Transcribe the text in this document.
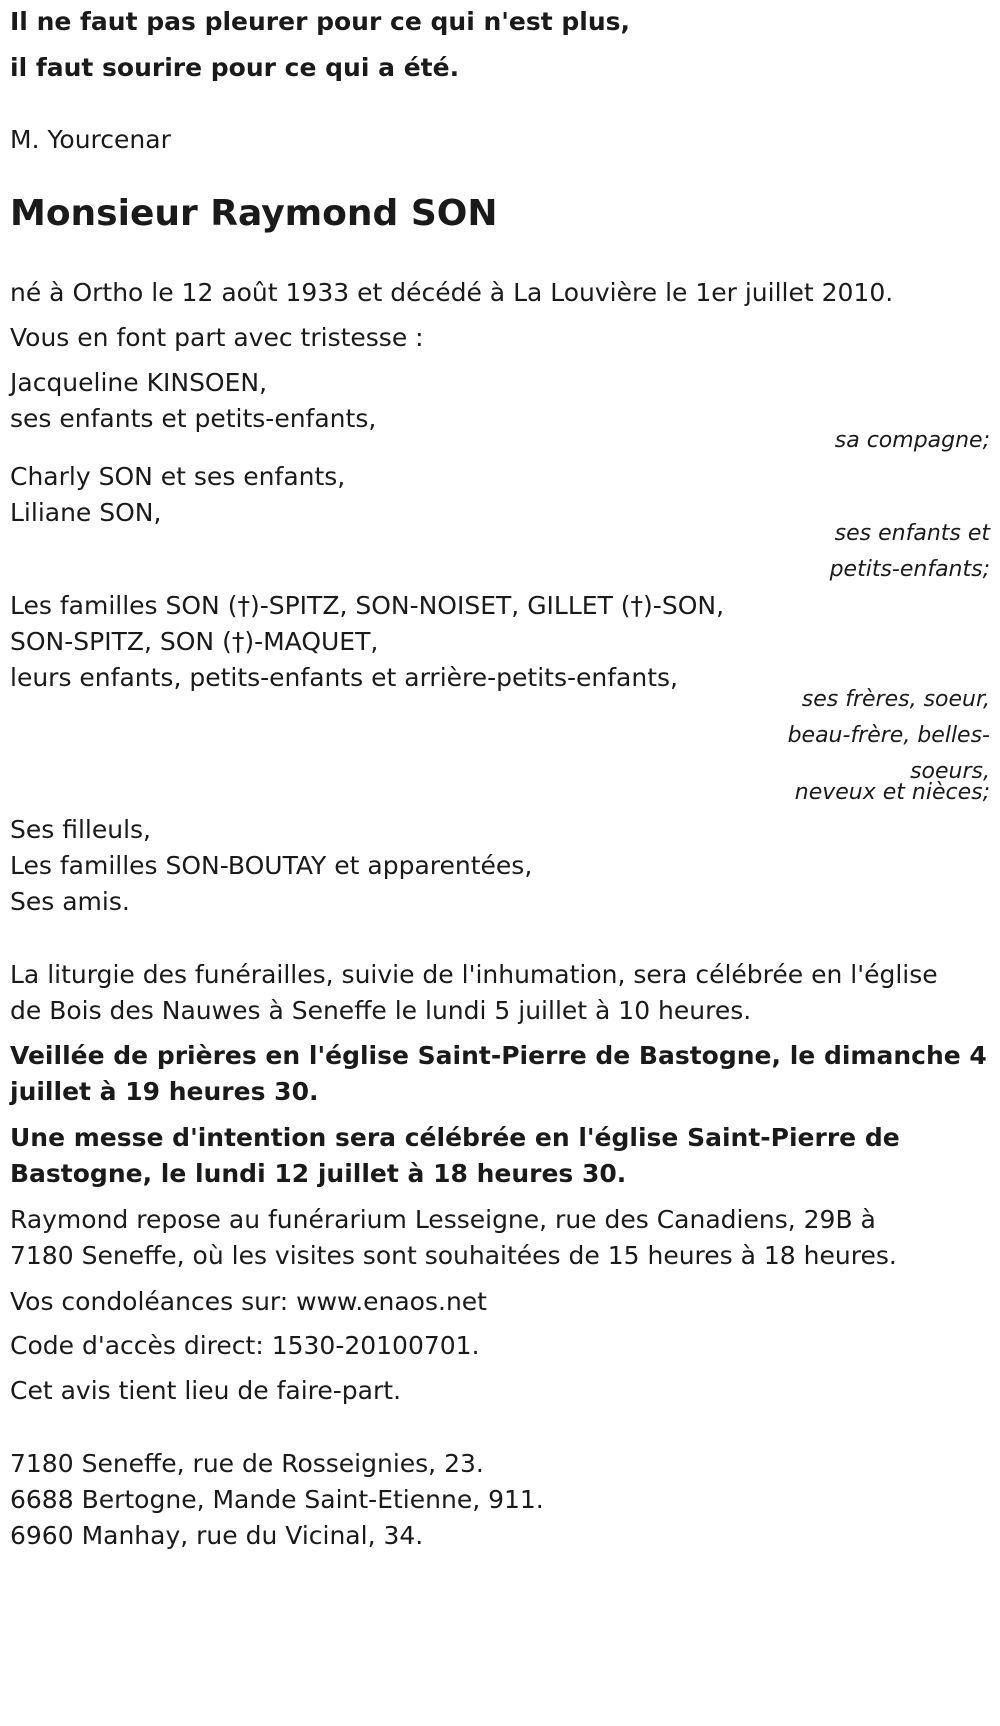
Il ne faut pas pleurer pour ce qui n'est plus,
il faut sourire pour ce qui a été.
M. Yourcenar
Monsieur Raymond SON
né à Ortho le 12 août 1933 et décédé à La Louvière le 1er juillet 2010.
Vous en font part avec tristesse :
Jacqueline KINSOEN,
ses enfants et petits-enfants,
sa compagne;
Charly SON et ses enfants,
Liliane SON,
ses enfants et
petits-enfants;
Les familles SON (†)-SPITZ, SON-NOISET, GILLET (†)-SON,
SON-SPITZ, SON (†)-MAQUET,
leurs enfants, petits-enfants et arrière-petits-enfants,
ses frères, soeur,
beau-frère, belles-
soeurs,
neveux et nièces;
Ses filleuls,
Les familles SON-BOUTAY et apparentées,
Ses amis.
La liturgie des funérailles, suivie de l'inhumation, sera célébrée en l'église
de Bois des Nauwes à Seneffe le lundi 5 juillet à 10 heures.
Veillée de prières en l'église Saint-Pierre de Bastogne, le dimanche 4
juillet à 19 heures 30.
Une messe d'intention sera célébrée en l'église Saint-Pierre de
Bastogne, le lundi 12 juillet à 18 heures 30.
Raymond repose au funérarium Lesseigne, rue des Canadiens, 29B à
7180 Seneffe, où les visites sont souhaitées de 15 heures à 18 heures.
Vos condoléances sur: www.enaos.net
Code d'accès direct: 1530-20100701.
Cet avis tient lieu de faire-part.
7180 Seneffe, rue de Rosseignies, 23.
6688 Bertogne, Mande Saint-Etienne, 911.
6960 Manhay, rue du Vicinal, 34.
